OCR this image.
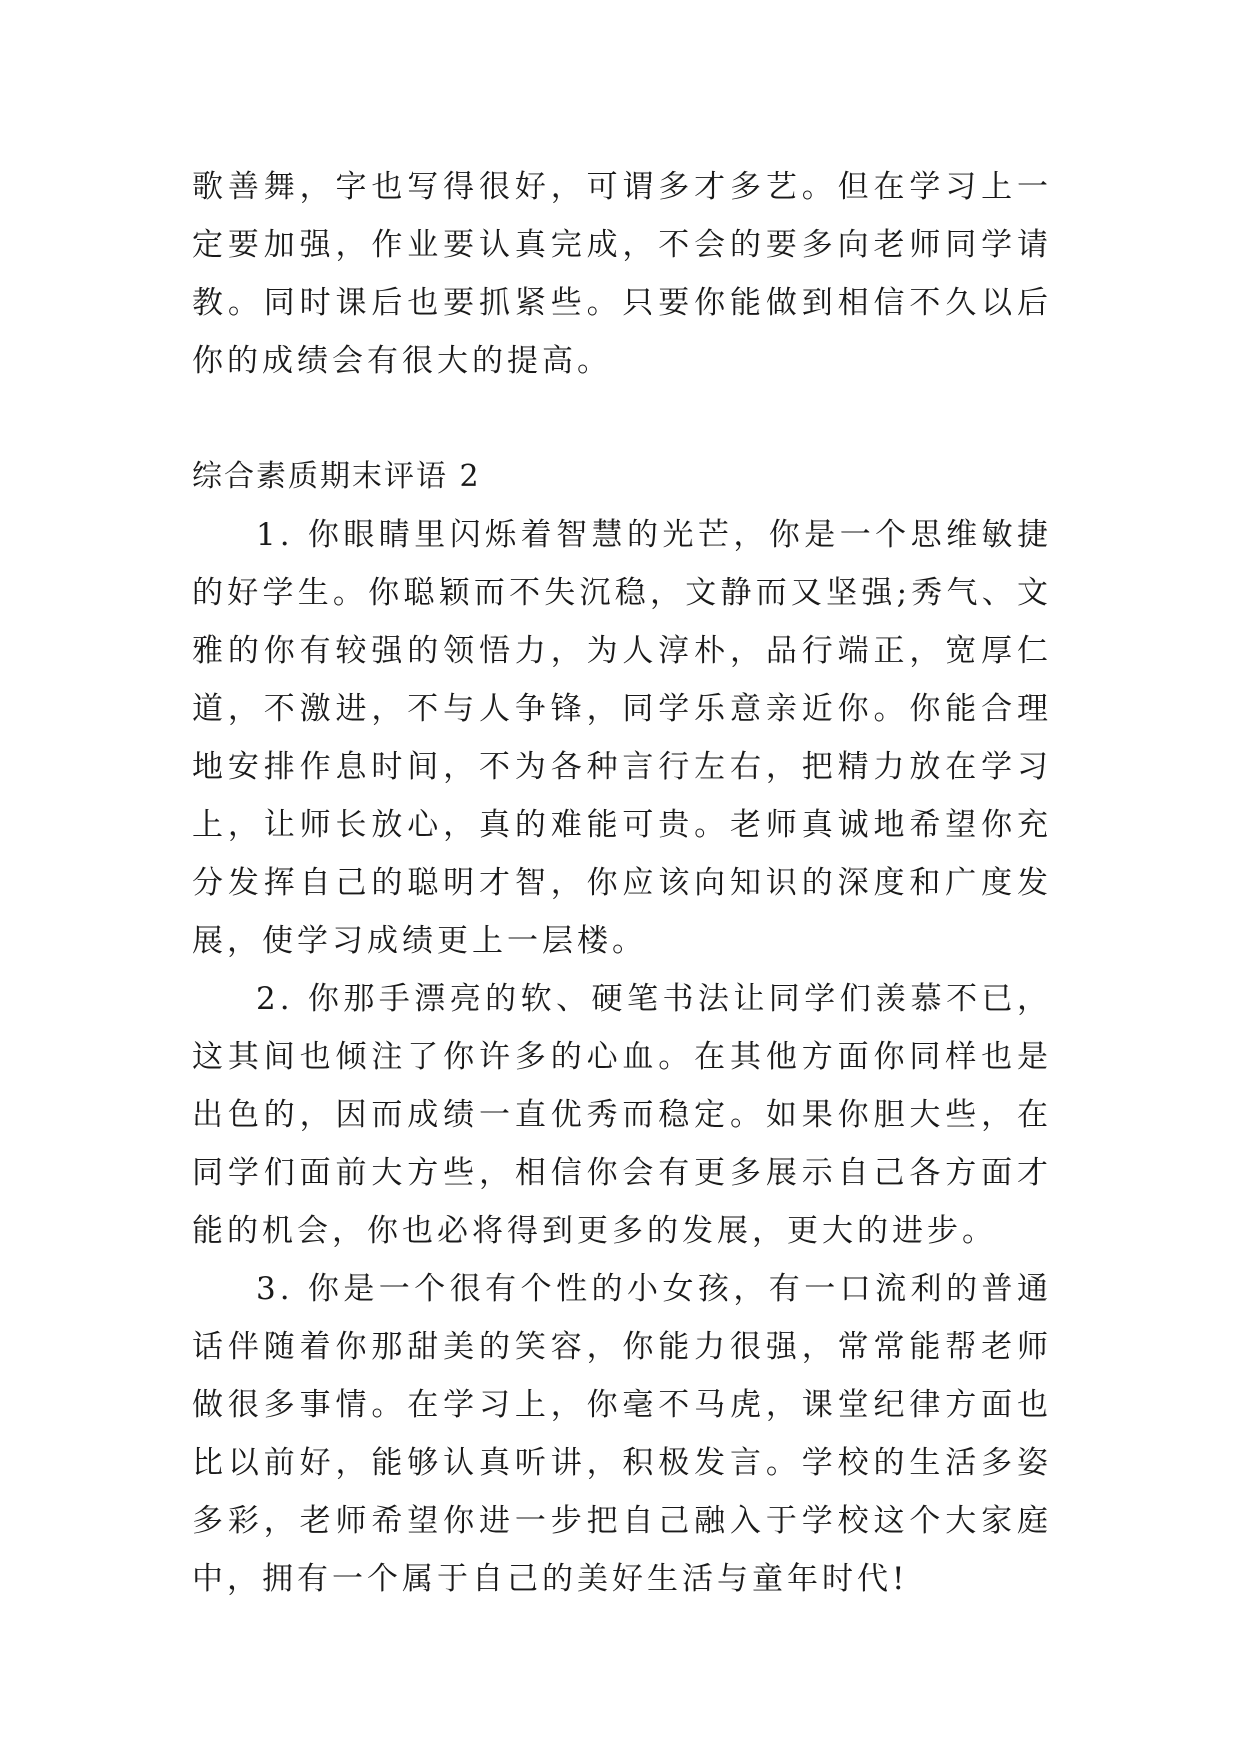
歌善舞，字也写得很好，可谓多才多艺。但在学习上一定要加强，作业要认真完成，不会的要多向老师同学请教。同时课后也要抓紧些。只要你能做到相信不久以后你的成绩会有很大的提高。

综合素质期末评语 2

1. 你眼睛里闪烁着智慧的光芒，你是一个思维敏捷的好学生。你聪颖而不失沉稳，文静而又坚强;秀气、文雅的你有较强的领悟力，为人淳朴，品行端正，宽厚仁道，不激进，不与人争锋，同学乐意亲近你。你能合理地安排作息时间，不为各种言行左右，把精力放在学习上，让师长放心，真的难能可贵。老师真诚地希望你充分发挥自己的聪明才智，你应该向知识的深度和广度发展，使学习成绩更上一层楼。

2. 你那手漂亮的软、硬笔书法让同学们羡慕不已，这其间也倾注了你许多的心血。在其他方面你同样也是出色的，因而成绩一直优秀而稳定。如果你胆大些，在同学们面前大方些，相信你会有更多展示自己各方面才能的机会，你也必将得到更多的发展，更大的进步。

3. 你是一个很有个性的小女孩，有一口流利的普通话伴随着你那甜美的笑容，你能力很强，常常能帮老师做很多事情。在学习上，你毫不马虎，课堂纪律方面也比以前好，能够认真听讲，积极发言。学校的生活多姿多彩，老师希望你进一步把自己融入于学校这个大家庭中，拥有一个属于自己的美好生活与童年时代!
